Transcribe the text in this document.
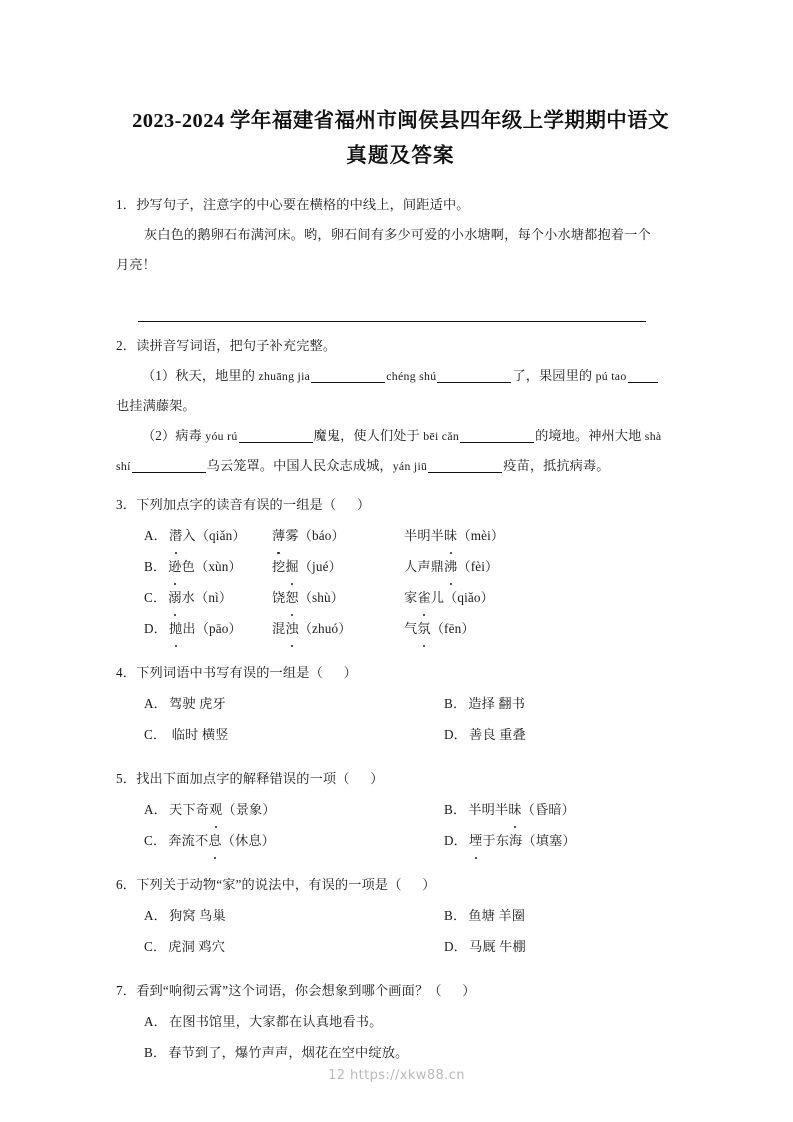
2023-2024 学年福建省福州市闽侯县四年级上学期期中语文
真题及答案
1．抄写句子，注意字的中心要在横格的中线上，间距适中。
灰白色的鹅卵石布满河床。哟，卵石间有多少可爱的小水塘啊，每个小水塘都抱着一个
月亮！
2．读拼音写词语，把句子补充完整。
（1）秋天，地里的 zhuāng jia	chéng shú	了，果园里的 pú tao
也挂满藤架。
（2）病毒 yóu rú	魔鬼，使人们处于 bēi cǎn	的境地。神州大地 shà
shí	乌云笼罩。中国人民众志成城，yán jiū	疫苗，抵抗病毒。
3．下列加点字的读音有误的一组是（      ）
A． 潜入（qiǎn）	薄雾（báo）	半明半昧（mèi）
B． 逊色（xùn）	挖掘（jué）	人声鼎沸（fèi）
C． 溺水（nì）	饶恕（shù）	家雀儿（qiǎo）
D． 抛出（pāo）	混浊（zhuó）	气氛（fēn）
4．下列词语中书写有误的一组是（      ）
A． 驾驶 虎牙	B． 造择 翻书
C． 临时 横竖	D． 善良 重叠
5．找出下面加点字的解释错误的一项（      ）
A． 天下奇观（景象）	B． 半明半昧（昏暗）
C． 奔流不息（休息）	D． 堙于东海（填塞）
6．下列关于动物“家”的说法中，有误的一项是（      ）
A． 狗窝 鸟巢	B． 鱼塘 羊圈
C． 虎洞 鸡穴	D． 马厩 牛棚
7．看到“响彻云霄”这个词语，你会想象到哪个画面？（      ）
A． 在图书馆里，大家都在认真地看书。
B． 春节到了，爆竹声声，烟花在空中绽放。
12 https://xkw88.cn
